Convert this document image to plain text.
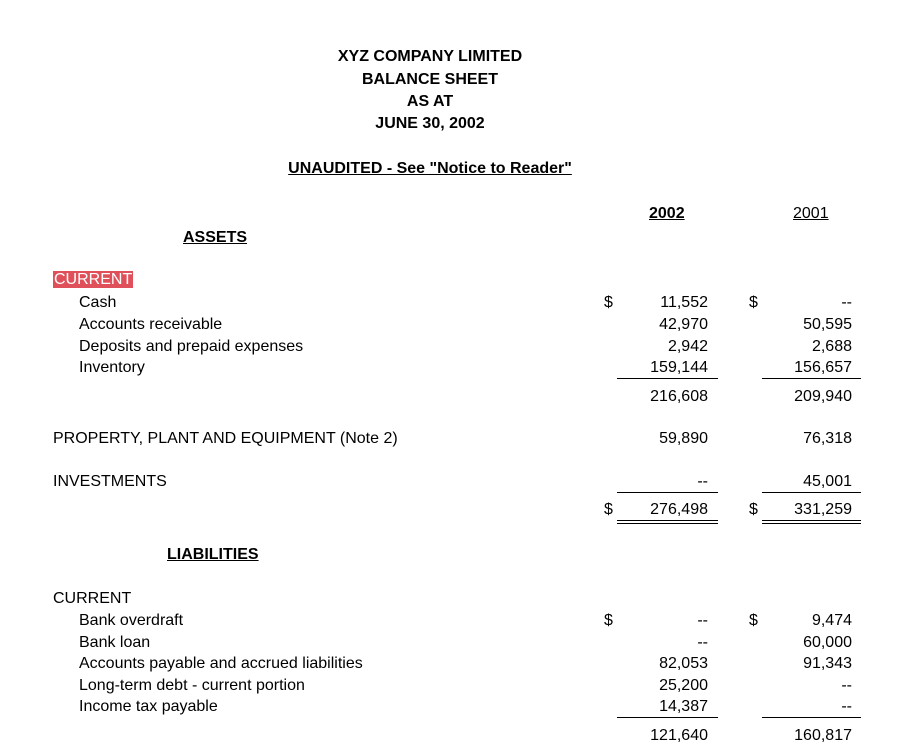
XYZ COMPANY LIMITED
BALANCE SHEET
AS AT
JUNE 30, 2002
UNAUDITED - See "Notice to Reader"
2002	2001
ASSETS
CURRENT
Cash	$	11,552	$	--
Accounts receivable	42,970	50,595
Deposits and prepaid expenses	2,942	2,688
Inventory	159,144	156,657
216,608	209,940
PROPERTY, PLANT AND EQUIPMENT (Note 2)	59,890	76,318
INVESTMENTS	--	45,001
$	276,498	$	331,259
LIABILITIES
CURRENT
Bank overdraft	$	--	$	9,474
Bank loan	--	60,000
Accounts payable and accrued liabilities	82,053	91,343
Long-term debt - current portion	25,200	--
Income tax payable	14,387	--
121,640	160,817
